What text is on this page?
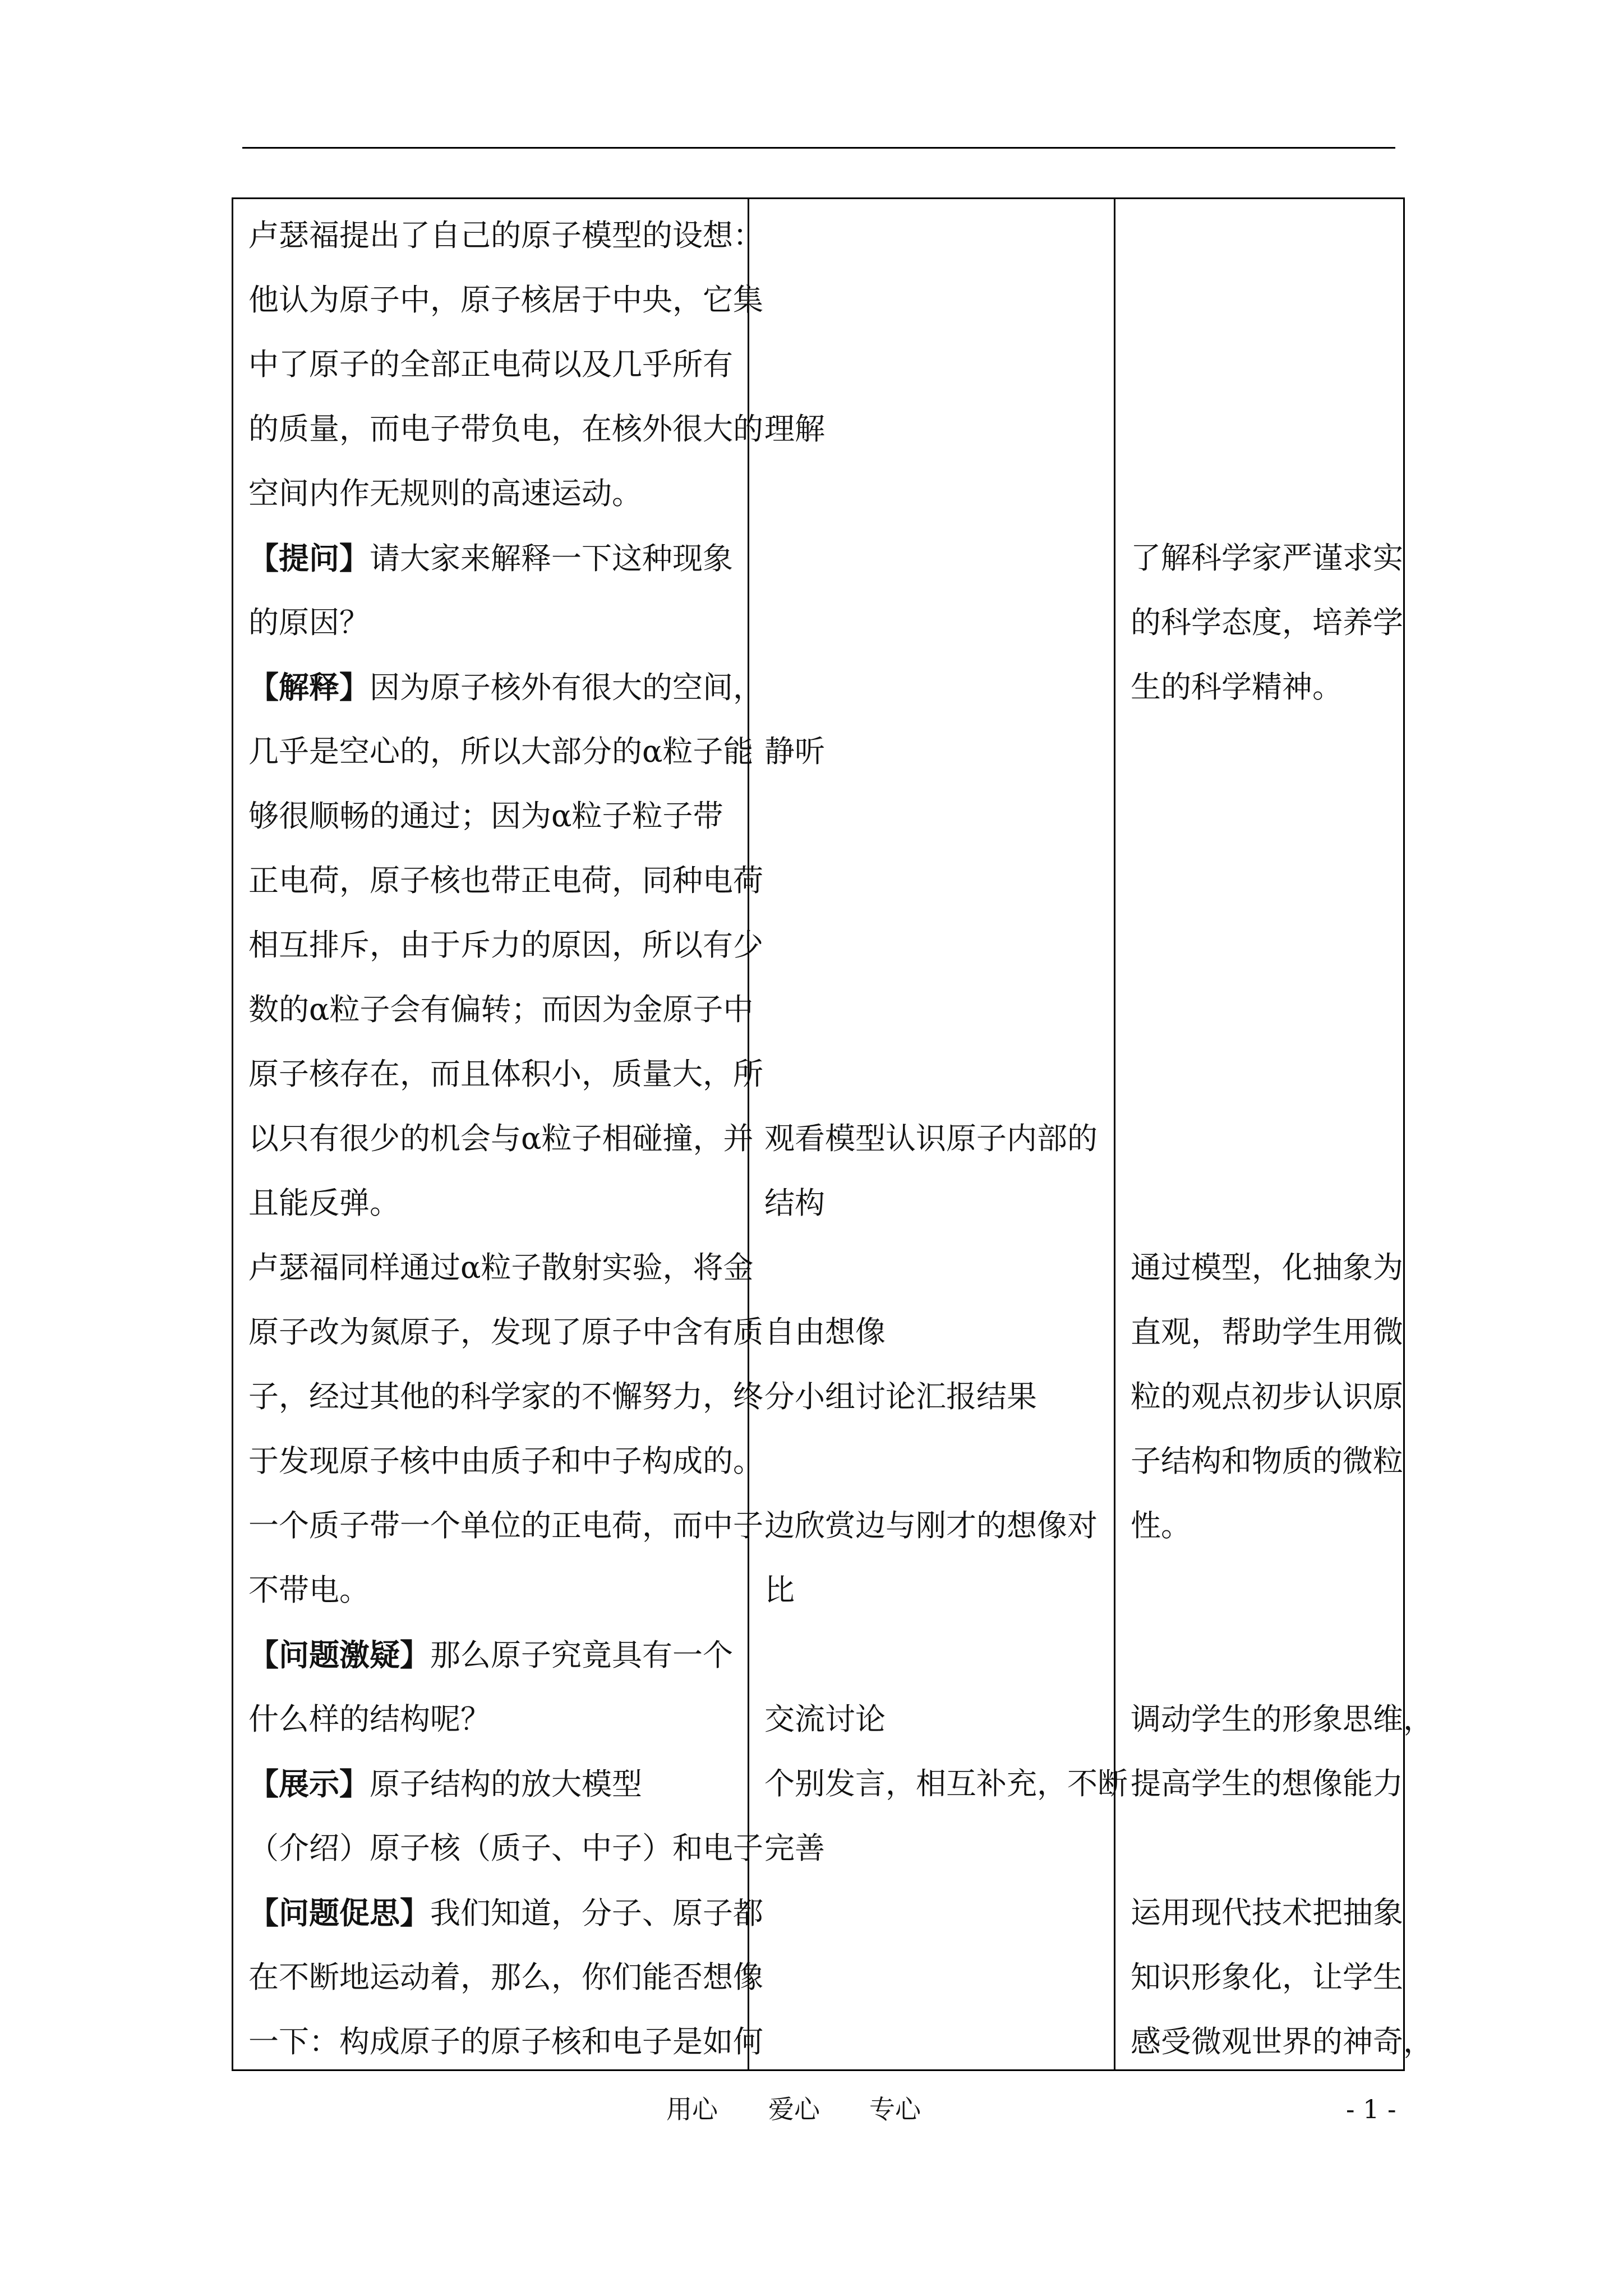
卢瑟福提出了自己的原子模型的设想：
他认为原子中，原子核居于中央，它集
中了原子的全部正电荷以及几乎所有
的质量，而电子带负电，在核外很大的
空间内作无规则的高速运动。
【提问】请大家来解释一下这种现象
的原因？
【解释】因为原子核外有很大的空间，
几乎是空心的，所以大部分的α粒子能
够很顺畅的通过；因为α粒子粒子带
正电荷，原子核也带正电荷，同种电荷
相互排斥，由于斥力的原因，所以有少
数的α粒子会有偏转；而因为金原子中
原子核存在，而且体积小，质量大，所
以只有很少的机会与α粒子相碰撞，并
且能反弹。
卢瑟福同样通过α粒子散射实验，将金
原子改为氮原子，发现了原子中含有质
子，经过其他的科学家的不懈努力，终
于发现原子核中由质子和中子构成的。
一个质子带一个单位的正电荷，而中子
不带电。
【问题激疑】那么原子究竟具有一个
什么样的结构呢？
【展示】原子结构的放大模型
（介绍）原子核（质子、中子）和电子
【问题促思】我们知道，分子、原子都
在不断地运动着，那么，你们能否想像
一下：构成原子的原子核和电子是如何
理解
静听
观看模型认识原子内部的
结构
自由想像
分小组讨论汇报结果
边欣赏边与刚才的想像对
比
交流讨论
个别发言，相互补充，不断
完善
了解科学家严谨求实
的科学态度，培养学
生的科学精神。
通过模型，化抽象为
直观，帮助学生用微
粒的观点初步认识原
子结构和物质的微粒
性。
调动学生的形象思维，
提高学生的想像能力
运用现代技术把抽象
知识形象化，让学生
感受微观世界的神奇，
用心 爱心 专心	- 1 -
